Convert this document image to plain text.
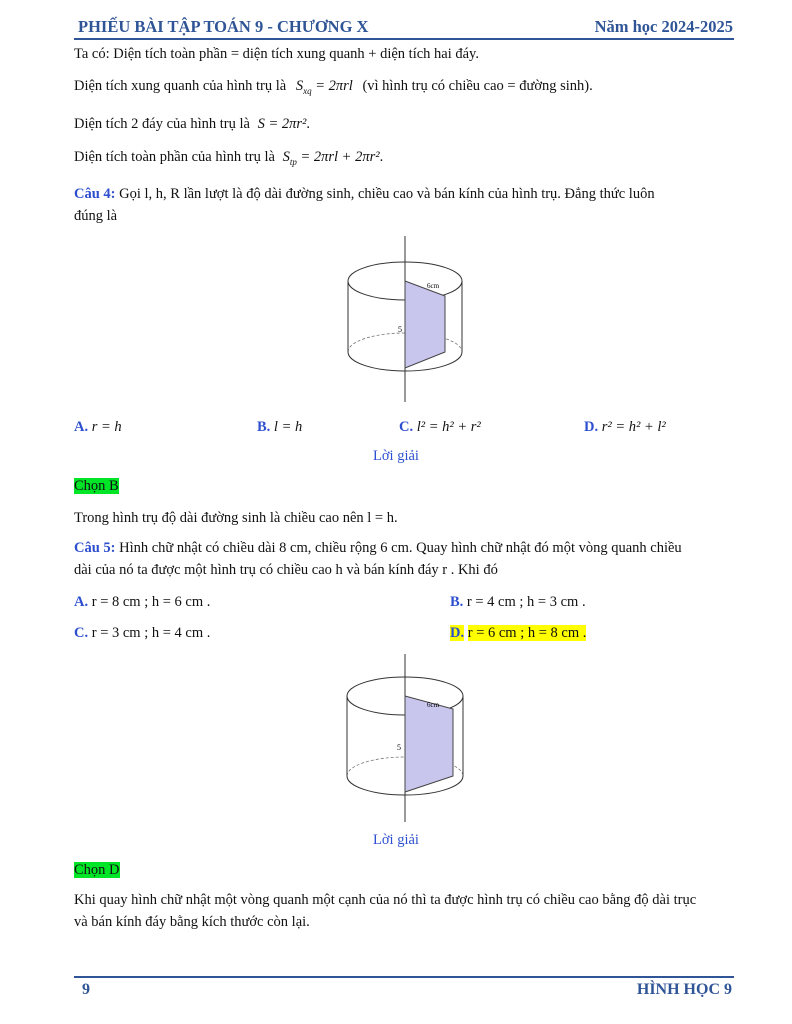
PHIẾU BÀI TẬP TOÁN 9 - CHƯƠNG X	Năm học 2024-2025
Ta có: Diện tích toàn phần = diện tích xung quanh + diện tích hai đáy.
Diện tích xung quanh của hình trụ là $S_{xq} = 2\pi rl$ (vì hình trụ có chiều cao = đường sinh).
Diện tích 2 đáy của hình trụ là S = 2πr².
Diện tích toàn phần của hình trụ là $S_{tp} = 2\pi rl + 2\pi r^2$.
Câu 4: Gọi l, h, R lần lượt là độ dài đường sinh, chiều cao và bán kính của hình trụ. Đẳng thức luôn
đúng là
6cm
5
A. r = h	B. l = h	C. l² = h² + r²	D. r² = h² + l²
Lời giải
Chọn B
Trong hình trụ độ dài đường sinh là chiều cao nên l = h.
Câu 5: Hình chữ nhật có chiều dài 8 cm, chiều rộng 6 cm. Quay hình chữ nhật đó một vòng quanh chiều
dài của nó ta được một hình trụ có chiều cao h và bán kính đáy r . Khi đó
A. r = 8 cm ; h = 6 cm .	B. r = 4 cm ; h = 3 cm .
C. r = 3 cm ; h = 4 cm .	D. r = 6 cm ; h = 8 cm .
6cm
5
Lời giải
Chọn D
Khi quay hình chữ nhật một vòng quanh một cạnh của nó thì ta được hình trụ có chiều cao bằng độ dài trục
và bán kính đáy bằng kích thước còn lại.
9	HÌNH HỌC 9
